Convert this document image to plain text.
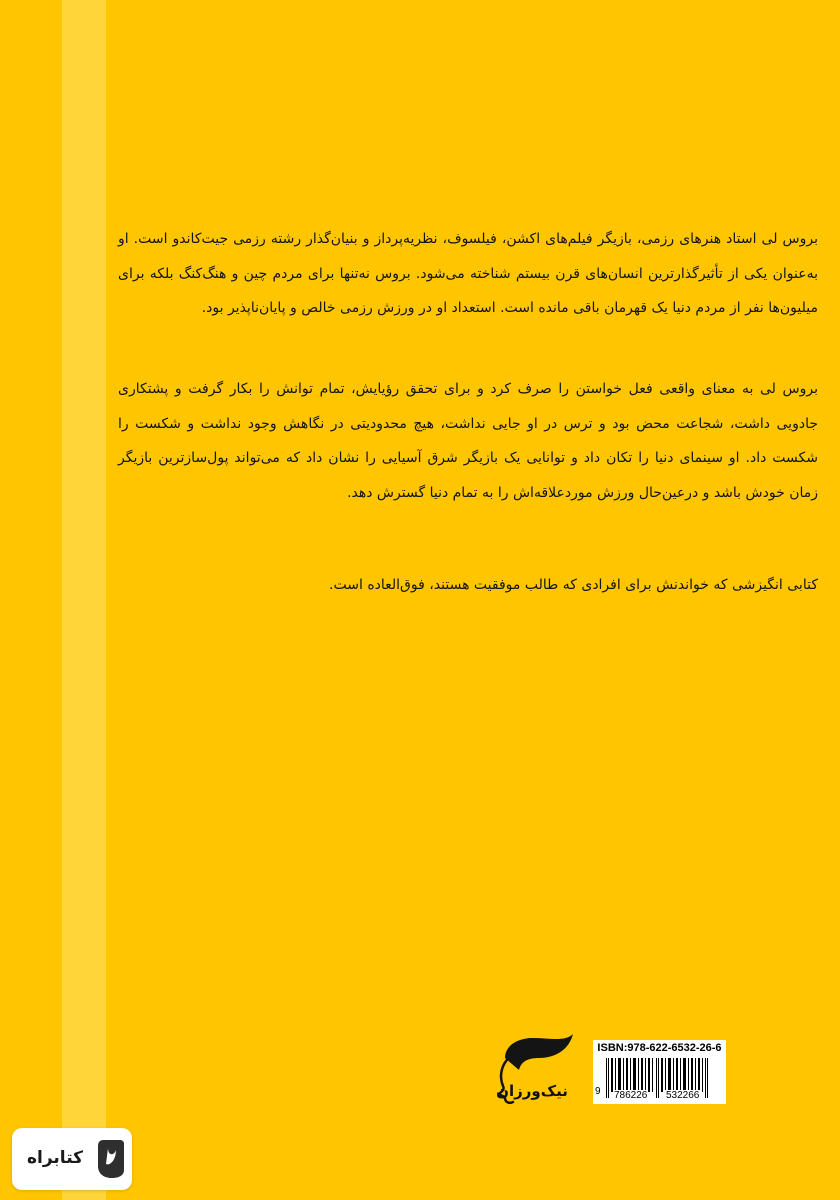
بروس لی استاد هنرهای رزمی، بازیگر فیلم‌های اکشن، فیلسوف، نظریه‌پرداز و بنیان‌گذار رشته رزمی جیت‌کاندو است. او به‌عنوان یکی از تأثیرگذارترین انسان‌های قرن بیستم شناخته می‌شود. بروس نه‌تنها برای مردم چین و هنگ‌کنگ بلکه برای میلیون‌ها نفر از مردم دنیا یک قهرمان باقی مانده است. استعداد او در ورزش رزمی خالص و پایان‌ناپذیر بود.
بروس لی به معنای واقعی فعل خواستن را صرف کرد و برای تحقق رؤیایش، تمام توانش را بکار گرفت و پشتکاری جادویی داشت، شجاعت محض بود و ترس در او جایی نداشت، هیچ محدودیتی در نگاهش وجود نداشت و شکست را شکست داد. او سینمای دنیا را تکان داد و توانایی یک بازیگر شرق آسیایی را نشان داد که می‌تواند پول‌سازترین بازیگر زمان خودش باشد و درعین‌حال ورزش موردعلاقه‌اش را به تمام دنیا گسترش دهد.
کتابی انگیزشی که خواندنش برای افرادی که طالب موفقیت هستند، فوق‌العاده است.
نیک‌ورزان
ISBN:978-622-6532-26-6
9 786226 532266
کتابراه
